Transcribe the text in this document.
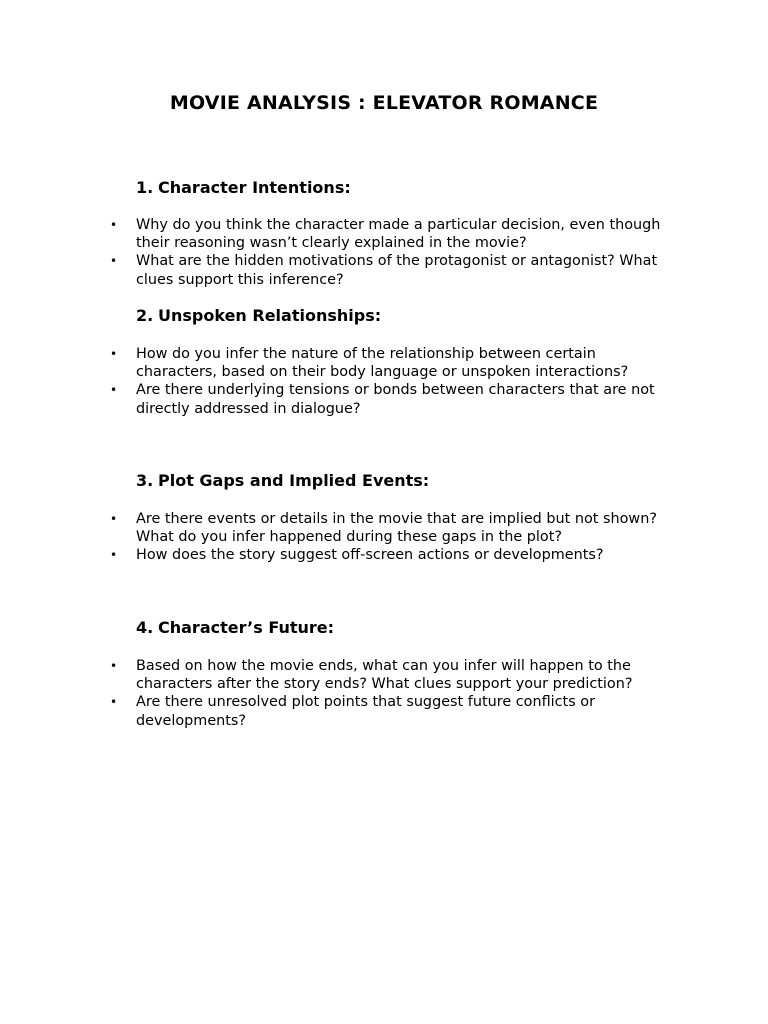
MOVIE ANALYSIS : ELEVATOR ROMANCE
1. Character Intentions:
• Why do you think the character made a particular decision, even though their reasoning wasn’t clearly explained in the movie?
• What are the hidden motivations of the protagonist or antagonist? What clues support this inference?
2. Unspoken Relationships:
• How do you infer the nature of the relationship between certain characters, based on their body language or unspoken interactions?
• Are there underlying tensions or bonds between characters that are not directly addressed in dialogue?
3. Plot Gaps and Implied Events:
• Are there events or details in the movie that are implied but not shown? What do you infer happened during these gaps in the plot?
• How does the story suggest off-screen actions or developments?
4. Character’s Future:
• Based on how the movie ends, what can you infer will happen to the characters after the story ends? What clues support your prediction?
• Are there unresolved plot points that suggest future conflicts or developments?
